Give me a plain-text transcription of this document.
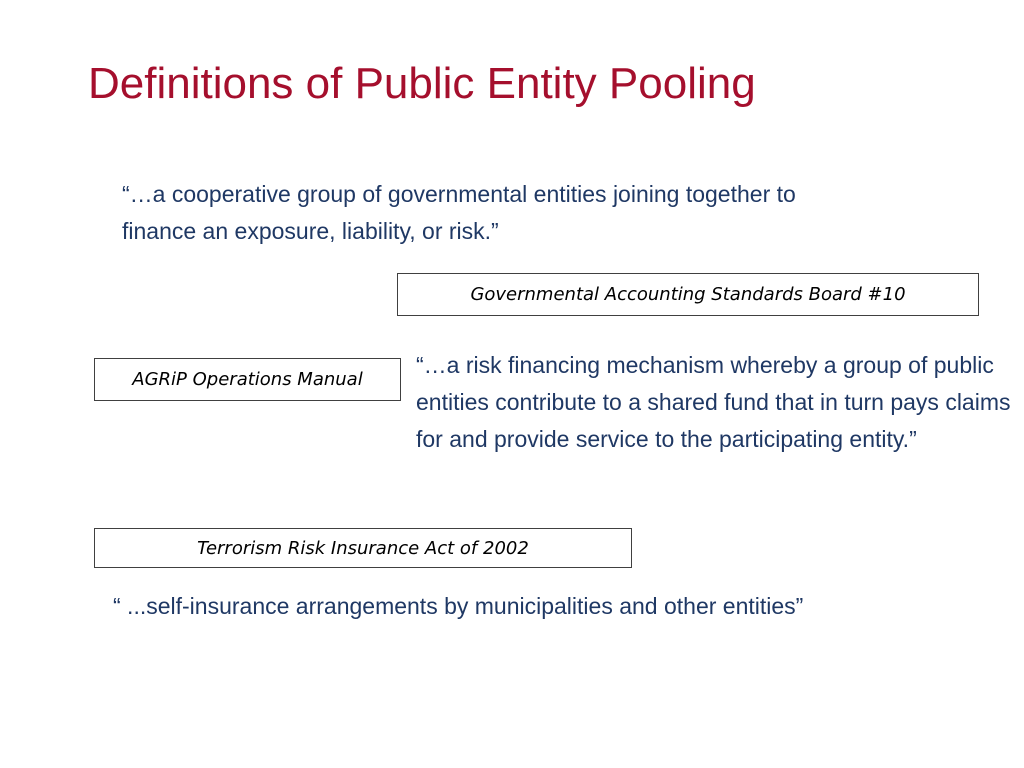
Definitions of Public Entity Pooling

“…a cooperative group of governmental entities joining together to finance an exposure, liability, or risk.”

Governmental Accounting Standards Board #10
AGRiP Operations Manual

“…a risk financing mechanism whereby a group of public entities contribute to a shared fund that in turn pays claims for and provide service to the participating entity.”

Terrorism Risk Insurance Act of 2002

“ ...self-insurance arrangements by municipalities and other entities”
